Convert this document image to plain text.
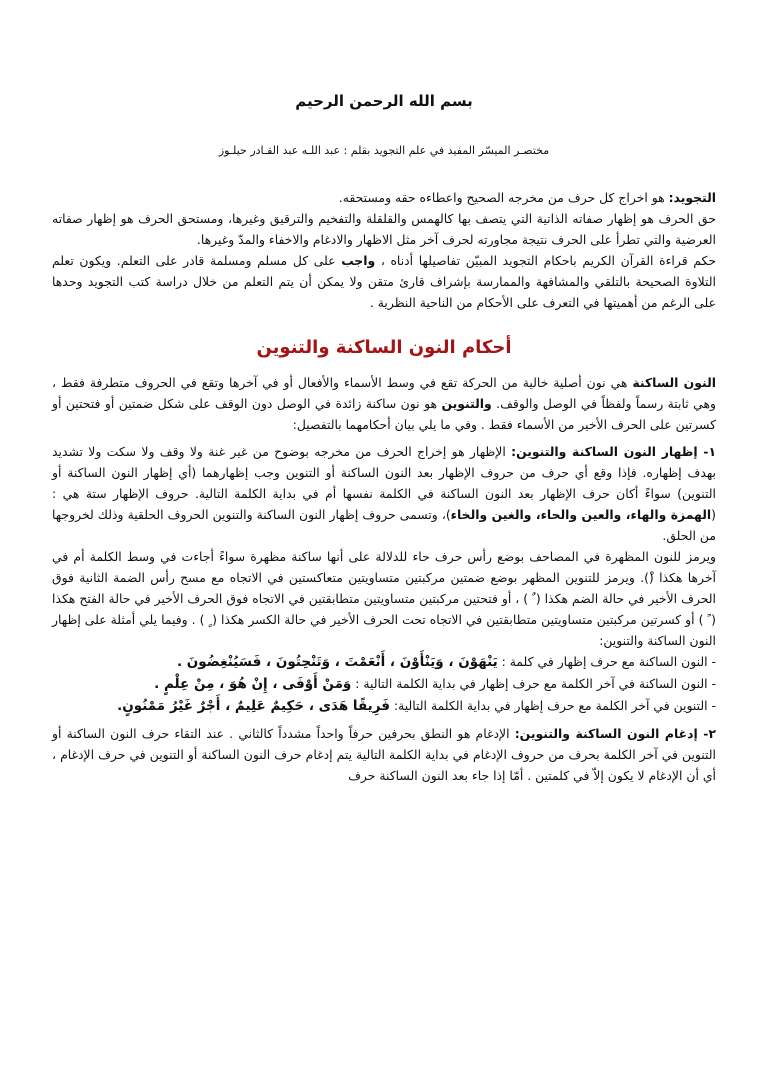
بسم الله الرحمن الرحيم

مختصـر الميسّر المفيد في علم التجويد بقلم : عبد اللـه عبد القـادر حيلـوز

التجويد: هو اخراج كل حرف من مخرجه الصحيح واعطاءه حقه ومستحقه.

حق الحرف هو إظهار صفاته الذاتية التي يتصف بها كالهمس والقلقلة والتفخيم والترقيق وغيرها، ومستحق الحرف هو إظهار صفاته العرضية والتي تطرأ على الحرف نتيجة مجاورته لحرف آخر مثل الاظهار والادغام والاخفاء والمدّ وغيرها.

حكم قراءة القرآن الكريم باحكام التجويد المبيّن تفاصيلها أدناه ، واجب على كل مسلم ومسلمة قادر على التعلم. ويكون تعلم التلاوة الصحيحة بالتلقي والمشافهة والممارسة بإشراف قارئ متقن ولا يمكن أن يتم التعلم من خلال دراسة كتب التجويد وحدها على الرغم من أهميتها في التعرف على الأحكام من الناحية النظرية .

أحكام النون الساكنة والتنوين

النون الساكنة هي نون أصلية خالية من الحركة تقع في وسط الأسماء والأفعال أو في آخرها وتقع في الحروف متطرفة فقط ، وهي ثابتة رسماً ولفظاً في الوصل والوقف. والتنوين هو نون ساكنة زائدة في الوصل دون الوقف على شكل ضمتين أو فتحتين أو كسرتين على الحرف الأخير من الأسماء فقط . وفي ما يلي بيان أحكامهما بالتفصيل:

١- إظهار النون الساكنة والتنوين: الإظهار هو إخراج الحرف من مخرجه بوضوح من غير غنة ولا وقف ولا سكت ولا تشديد بهدف إظهاره. فإذا وقع أي حرف من حروف الإظهار بعد النون الساكنة أو التنوين وجب إظهارهما (أي إظهار النون الساكنة أو التنوين) سواءً أكان حرف الإظهار بعد النون الساكنة في الكلمة نفسها أم في بداية الكلمة التالية. حروف الإظهار ستة هي : (الهمزة والهاء، والعين والحاء، والغين والخاء)، وتسمى حروف إظهار النون الساكنة والتنوين الحروف الحلقية وذلك لخروجها من الحلق.

ويرمز للنون المظهرة في المصاحف بوضع رأس حرف حاء للدلالة على أنها ساكنة مظهرة سواءً أجاءت في وسط الكلمة أم في آخرها هكذا (ْ). ويرمز للتنوين المظهر بوضع ضمتين مركبتين متساويتين متعاكستين في الاتجاه مع مسح رأس الضمة الثانية فوق الحرف الأخير في حالة الضم هكذا ( ٌ ) ، أو فتحتين مركبتين متساويتين متطابقتين في الاتجاه فوق الحرف الأخير في حالة الفتح هكذا ( ً ) أو كسرتين مركبتين متساويتين متطابقتين في الاتجاه تحت الحرف الأخير في حالة الكسر هكذا ( ٍ ) . وفيما يلي أمثلة على إظهار النون الساكنة والتنوين:

- النون الساكنة مع حرف إظهار في كلمة : يَنْهَوْنَ ، وَيَنْأَوْنَ ، أَنْعَمْتَ ، وَتَنْحِتُونَ ، فَسَيُنْغِضُونَ .

- النون الساكنة في آخر الكلمة مع حرف إظهار في بداية الكلمة التالية : وَمَنْ أَوْفَى ، إِنْ هُوَ ، مِنْ عِلْمٍ .

- التنوين في آخر الكلمة مع حرف إظهار في بداية الكلمة التالية: فَرِيقًا هَدَى ، حَكِيمٌ عَلِيمٌ ، أَجْرٌ غَيْرُ مَمْنُونٍ.

٢- إدغام النون الساكنة والتنوين: الإدغام هو النطق بحرفين حرفاً واحداً مشدداً كالثاني . عند التقاء حرف النون الساكنة أو التنوين في آخر الكلمة بحرف من حروف الإدغام في بداية الكلمة التالية يتم إدغام حرف النون الساكنة أو التنوين في حرف الإدغام ، أي أن الإدغام لا يكون إلاّ في كلمتين . أمّا إذا جاء بعد النون الساكنة حرف
